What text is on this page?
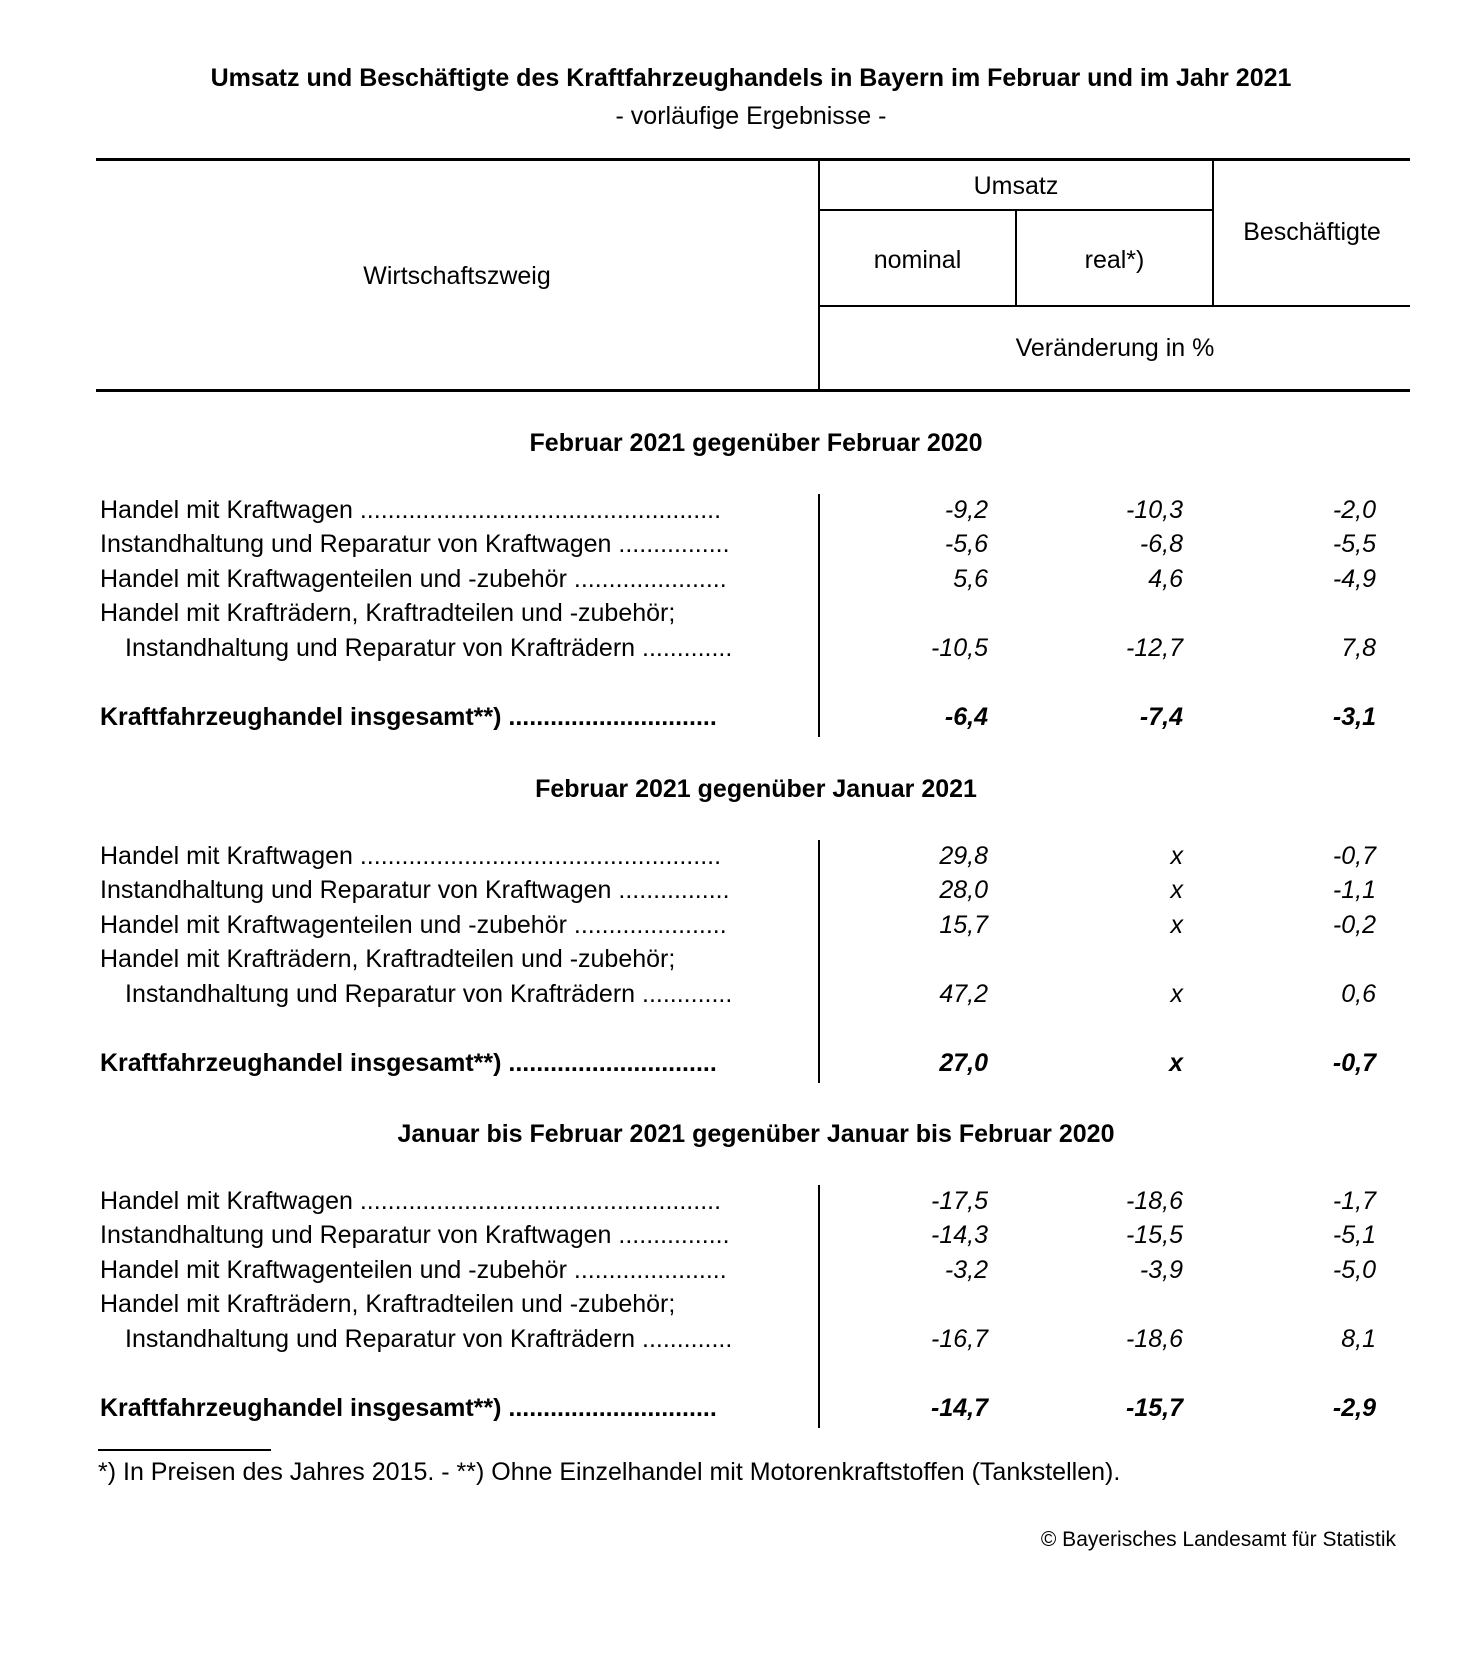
Umsatz und Beschäftigte des Kraftfahrzeughandels in Bayern im Februar und im Jahr 2021
- vorläufige Ergebnisse -
Wirtschaftszweig
Umsatz
nominal	real*)
Beschäftigte
Veränderung in %
Februar 2021 gegenüber Februar 2020
Handel mit Kraftwagen ....................................................	-9,2	-10,3	-2,0
Instandhaltung und Reparatur von Kraftwagen ................	-5,6	-6,8	-5,5
Handel mit Kraftwagenteilen und -zubehör ......................	5,6	4,6	-4,9
Handel mit Krafträdern, Kraftradteilen und -zubehör;
Instandhaltung und Reparatur von Krafträdern .............	-10,5	-12,7	7,8
Kraftfahrzeughandel insgesamt**) ..............................	-6,4	-7,4	-3,1
Februar 2021 gegenüber Januar 2021
Handel mit Kraftwagen ....................................................	29,8	x	-0,7
Instandhaltung und Reparatur von Kraftwagen ................	28,0	x	-1,1
Handel mit Kraftwagenteilen und -zubehör ......................	15,7	x	-0,2
Handel mit Krafträdern, Kraftradteilen und -zubehör;
Instandhaltung und Reparatur von Krafträdern .............	47,2	x	0,6
Kraftfahrzeughandel insgesamt**) ..............................	27,0	x	-0,7
Januar bis Februar 2021 gegenüber Januar bis Februar 2020
Handel mit Kraftwagen ....................................................	-17,5	-18,6	-1,7
Instandhaltung und Reparatur von Kraftwagen ................	-14,3	-15,5	-5,1
Handel mit Kraftwagenteilen und -zubehör ......................	-3,2	-3,9	-5,0
Handel mit Krafträdern, Kraftradteilen und -zubehör;
Instandhaltung und Reparatur von Krafträdern .............	-16,7	-18,6	8,1
Kraftfahrzeughandel insgesamt**) ..............................	-14,7	-15,7	-2,9
*) In Preisen des Jahres 2015. - **) Ohne Einzelhandel mit Motorenkraftstoffen (Tankstellen).
© Bayerisches Landesamt für Statistik
